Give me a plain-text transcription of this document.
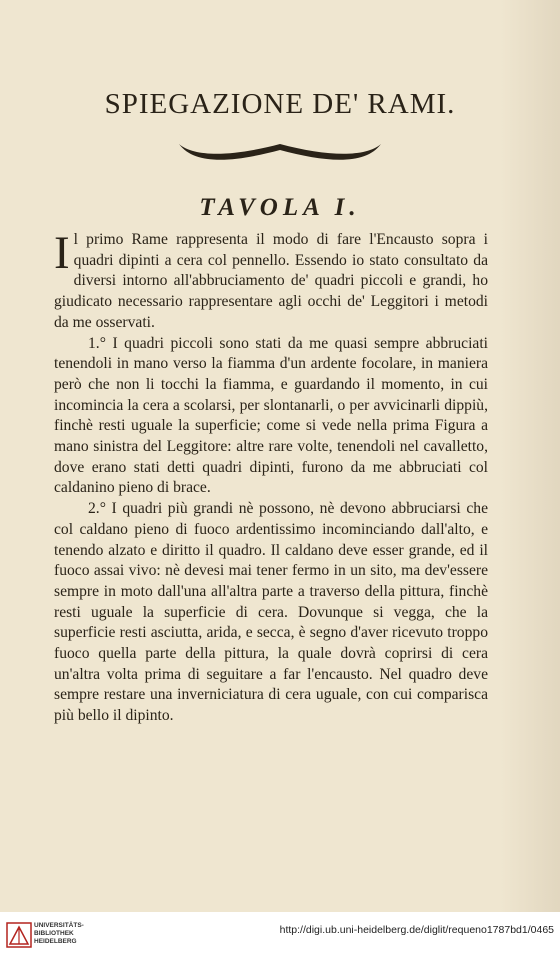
SPIEGAZIONE DE' RAMI.
TAVOLA I.

Il primo Rame rappresenta il modo di fare l'Encausto sopra i quadri dipinti a cera col pennello. Essendo io stato consultato da diversi intorno all'abbruciamento de' quadri piccoli e grandi, ho giudicato necessario rappresentare agli occhi de' Leggitori i metodi da me osservati.

1.° I quadri piccoli sono stati da me quasi sempre abbruciati tenendoli in mano verso la fiamma d'un ardente focolare, in maniera però che non li tocchi la fiamma, e guardando il momento, in cui incomincia la cera a scolarsi, per slontanarli, o per avvicinarli dippiù, finchè resti uguale la superficie; come si vede nella prima Figura a mano sinistra del Leggitore: altre rare volte, tenendoli nel cavalletto, dove erano stati detti quadri dipinti, furono da me abbruciati col caldanino pieno di brace.

2.° I quadri più grandi nè possono, nè devono abbruciarsi che col caldano pieno di fuoco ardentissimo incominciando dall'alto, e tenendo alzato e diritto il quadro. Il caldano deve esser grande, ed il fuoco assai vivo: nè devesi mai tener fermo in un sito, ma dev'essere sempre in moto dall'una all'altra parte a traverso della pittura, finchè resti uguale la superficie di cera. Dovunque si vegga, che la superficie resti asciutta, arida, e secca, è segno d'aver ricevuto troppo fuoco quella parte della pittura, la quale dovrà coprirsi di cera un'altra volta prima di seguitare a far l'encausto. Nel quadro deve sempre restare una inverniciatura di cera uguale, con cui comparisca più bello il dipinto.

UNIVERSITÄTS-
BIBLIOTHEK
HEIDELBERG
http://digi.ub.uni-heidelberg.de/diglit/requeno1787bd1/0465
